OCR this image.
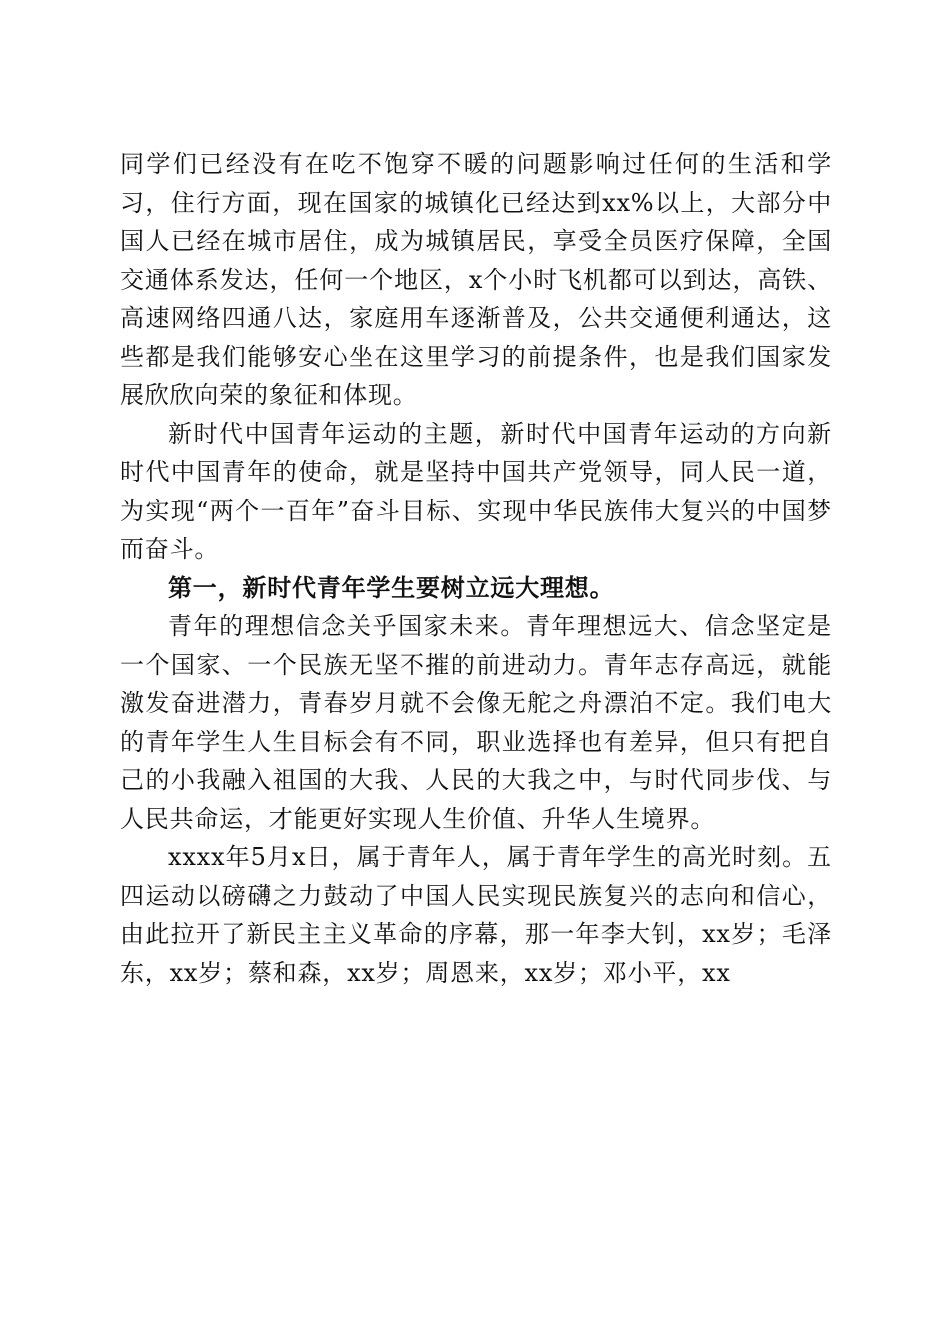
同学们已经没有在吃不饱穿不暖的问题影响过任何的生活和学习，住行方面，现在国家的城镇化已经达到xx%以上，大部分中国人已经在城市居住，成为城镇居民，享受全员医疗保障，全国交通体系发达，任何一个地区，x个小时飞机都可以到达，高铁、高速网络四通八达，家庭用车逐渐普及，公共交通便利通达，这些都是我们能够安心坐在这里学习的前提条件，也是我们国家发展欣欣向荣的象征和体现。

新时代中国青年运动的主题，新时代中国青年运动的方向新时代中国青年的使命，就是坚持中国共产党领导，同人民一道，为实现“两个一百年”奋斗目标、实现中华民族伟大复兴的中国梦而奋斗。

第一，新时代青年学生要树立远大理想。

青年的理想信念关乎国家未来。青年理想远大、信念坚定是一个国家、一个民族无坚不摧的前进动力。青年志存高远，就能激发奋进潜力，青春岁月就不会像无舵之舟漂泊不定。我们电大的青年学生人生目标会有不同，职业选择也有差异，但只有把自己的小我融入祖国的大我、人民的大我之中，与时代同步伐、与人民共命运，才能更好实现人生价值、升华人生境界。

xxxx年5月x日，属于青年人，属于青年学生的高光时刻。五四运动以磅礴之力鼓动了中国人民实现民族复兴的志向和信心，由此拉开了新民主主义革命的序幕，那一年李大钊，xx岁；毛泽东，xx岁；蔡和森，xx岁；周恩来，xx岁；邓小平，xx
